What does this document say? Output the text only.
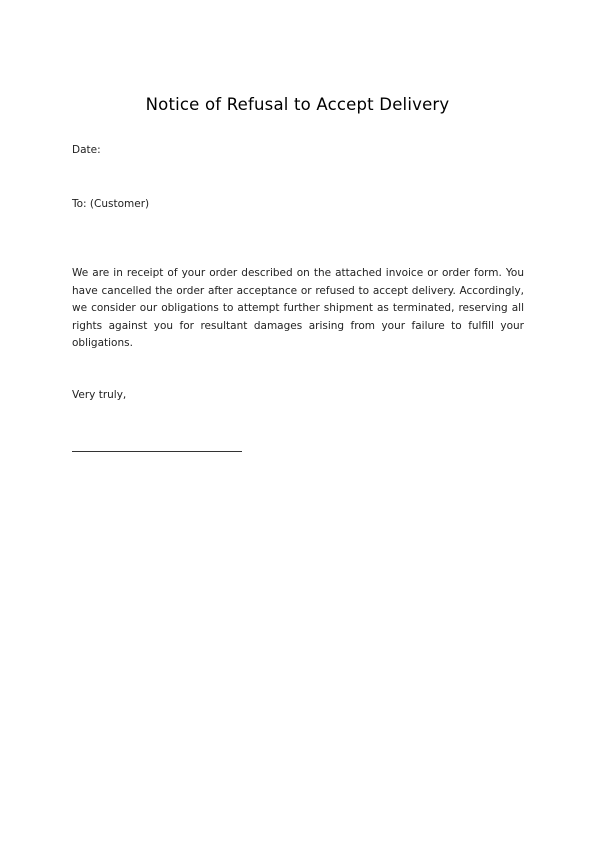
Notice of Refusal to Accept Delivery
Date:
To: (Customer)
We are in receipt of your order described on the attached invoice or order form. You have cancelled the order after acceptance or refused to accept delivery. Accordingly, we consider our obligations to attempt further shipment as terminated, reserving all rights against you for resultant damages arising from your failure to fulfill your obligations.
Very truly,
